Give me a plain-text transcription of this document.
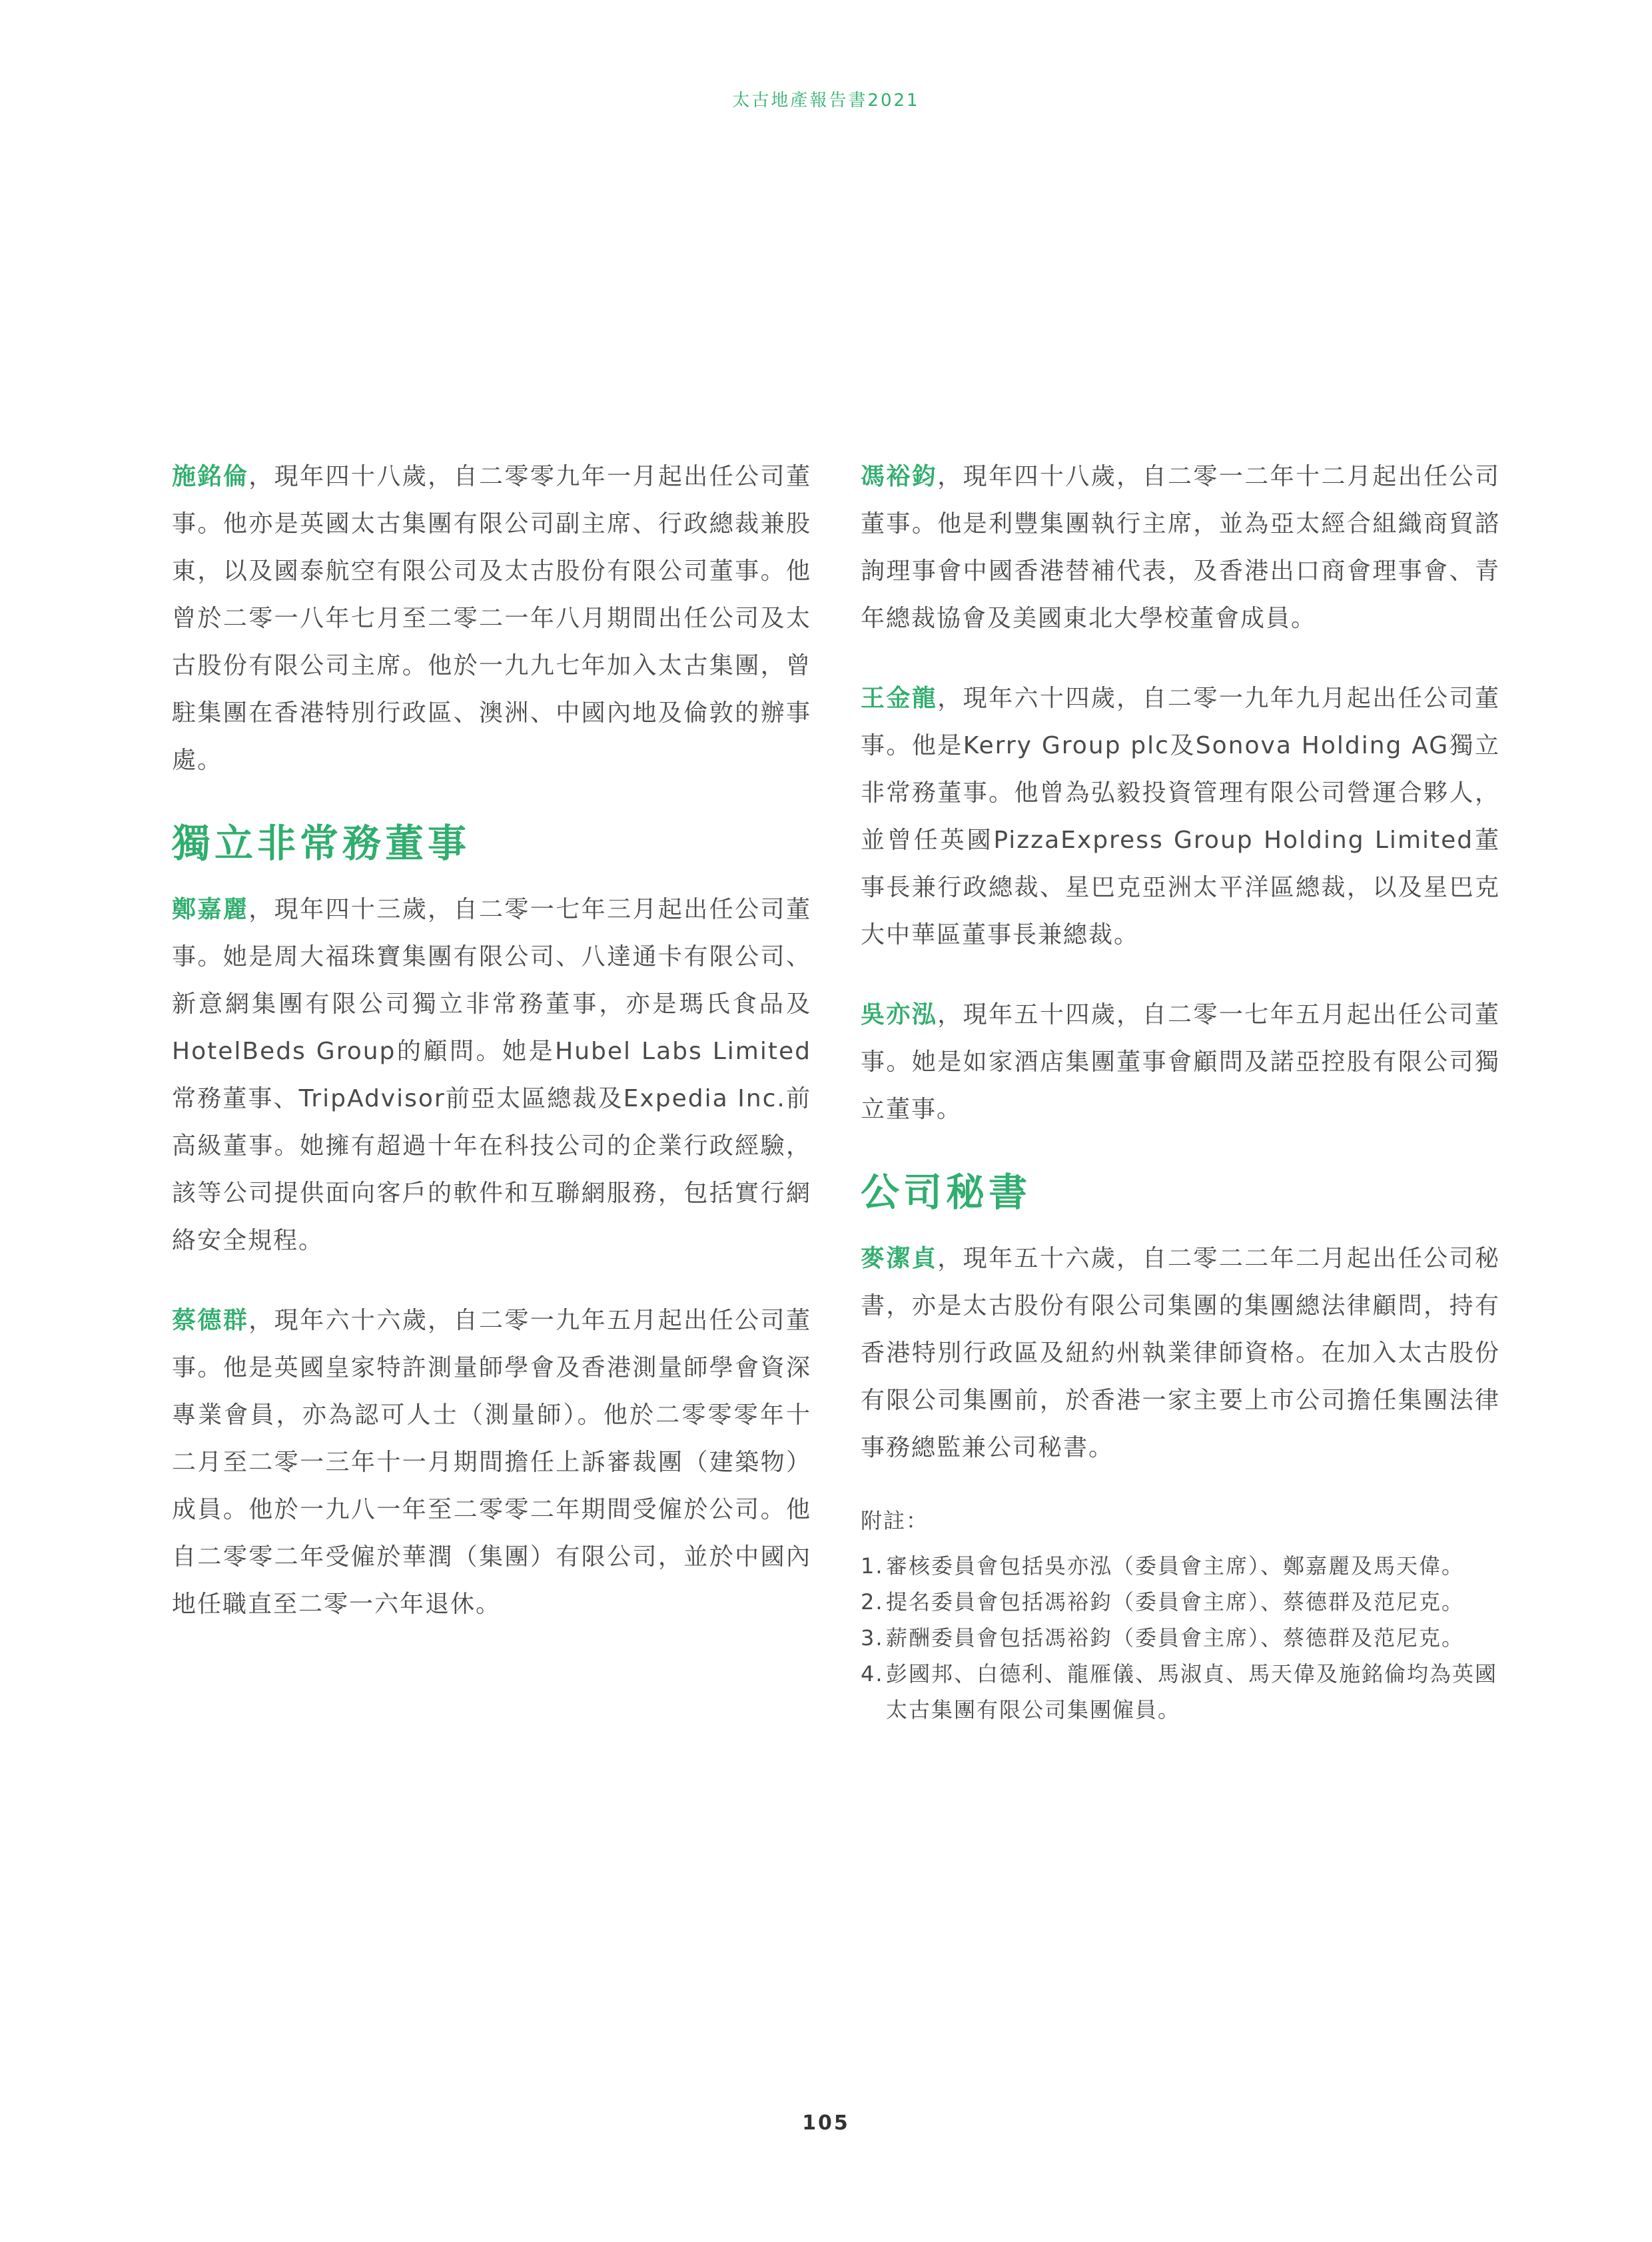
太古地產報告書2021

施銘倫，現年四十八歲，自二零零九年一月起出任公司董事。他亦是英國太古集團有限公司副主席、行政總裁兼股東，以及國泰航空有限公司及太古股份有限公司董事。他曾於二零一八年七月至二零二一年八月期間出任公司及太古股份有限公司主席。他於一九九七年加入太古集團，曾駐集團在香港特別行政區、澳洲、中國內地及倫敦的辦事處。

獨立非常務董事

鄭嘉麗，現年四十三歲，自二零一七年三月起出任公司董事。她是周大福珠寶集團有限公司、八達通卡有限公司、新意網集團有限公司獨立非常務董事，亦是瑪氏食品及HotelBeds Group的顧問。她是Hubel Labs Limited常務董事、TripAdvisor前亞太區總裁及Expedia Inc.前高級董事。她擁有超過十年在科技公司的企業行政經驗，該等公司提供面向客戶的軟件和互聯網服務，包括實行網絡安全規程。

蔡德群，現年六十六歲，自二零一九年五月起出任公司董事。他是英國皇家特許測量師學會及香港測量師學會資深專業會員，亦為認可人士（測量師）。他於二零零零年十二月至二零一三年十一月期間擔任上訴審裁團（建築物）成員。他於一九八一年至二零零二年期間受僱於公司。他自二零零二年受僱於華潤（集團）有限公司，並於中國內地任職直至二零一六年退休。

馮裕鈞，現年四十八歲，自二零一二年十二月起出任公司董事。他是利豐集團執行主席，並為亞太經合組織商貿諮詢理事會中國香港替補代表，及香港出口商會理事會、青年總裁協會及美國東北大學校董會成員。

王金龍，現年六十四歲，自二零一九年九月起出任公司董事。他是Kerry Group plc及Sonova Holding AG獨立非常務董事。他曾為弘毅投資管理有限公司營運合夥人，並曾任英國PizzaExpress Group Holding Limited董事長兼行政總裁、星巴克亞洲太平洋區總裁，以及星巴克大中華區董事長兼總裁。

吳亦泓，現年五十四歲，自二零一七年五月起出任公司董事。她是如家酒店集團董事會顧問及諾亞控股有限公司獨立董事。

公司秘書

麥潔貞，現年五十六歲，自二零二二年二月起出任公司秘書，亦是太古股份有限公司集團的集團總法律顧問，持有香港特別行政區及紐約州執業律師資格。在加入太古股份有限公司集團前，於香港一家主要上市公司擔任集團法律事務總監兼公司秘書。

附註：
1. 審核委員會包括吳亦泓（委員會主席）、鄭嘉麗及馬天偉。
2. 提名委員會包括馮裕鈞（委員會主席）、蔡德群及范尼克。
3. 薪酬委員會包括馮裕鈞（委員會主席）、蔡德群及范尼克。
4. 彭國邦、白德利、龍雁儀、馬淑貞、馬天偉及施銘倫均為英國太古集團有限公司集團僱員。
105
